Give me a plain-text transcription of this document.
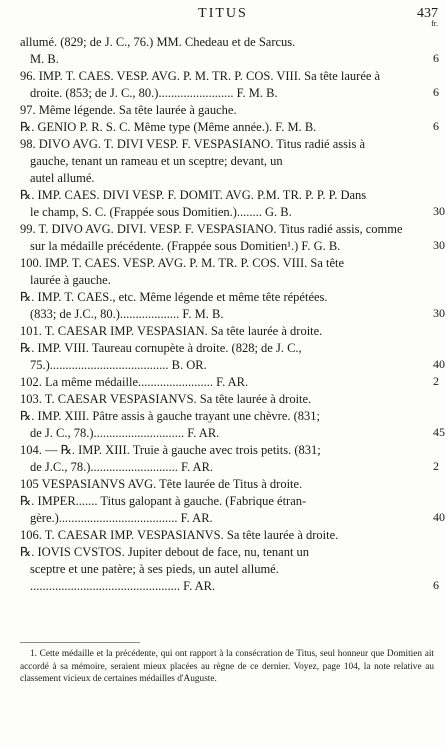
TITUS	437
fr.
allumé. (829; de J. C., 76.) MM. Chedeau et de Sarcus.
M. B.	6
96. IMP. T. CAES. VESP. AVG. P. M. TR. P. COS. VIII. Sa tête laurée à
droite. (853; de J. C., 80.)........................ F. M. B.	6
97. Même légende. Sa tête laurée à gauche.
℞. GENIO P. R. S. C. Même type (Même année.). F. M. B.	6
98. DIVO AVG. T. DIVI VESP. F. VESPASIANO. Titus radié assis à
gauche, tenant un rameau et un sceptre; devant, un
autel allumé.
℞. IMP. CAES. DIVI VESP. F. DOMIT. AVG. P.M. TR. P. P. P. Dans
le champ, S. C. (Frappée sous Domitien.)........ G. B.	30
99. T. DIVO AVG. DIVI. VESP. F. VESPASIANO. Titus radié assis, comme
sur la médaille précédente. (Frappée sous Domitien¹.) F. G. B.	30
100. IMP. T. CAES. VESP. AVG. P. M. TR. P. COS. VIII. Sa tête
laurée à gauche.
℞. IMP. T. CAES., etc. Même légende et même tête répétées.
(833; de J.C., 80.)................... F. M. B.	30
101. T. CAESAR IMP. VESPASIAN. Sa tête laurée à droite.
℞. IMP. VIII. Taureau cornupète à droite. (828; de J. C.,
75.)...................................... B. OR.	40
102. La même médaille........................ F. AR.	2
103. T. CAESAR VESPASIANVS. Sa tête laurée à droite.
℞. IMP. XIII. Pâtre assis à gauche trayant une chèvre. (831;
de J. C., 78.)............................. F. AR.	45
104. — ℞. IMP. XIII. Truie à gauche avec trois petits. (831;
de J.C., 78.)............................ F. AR.	2
105 VESPASIANVS AVG. Tête laurée de Titus à droite.
℞. IMPER....... Titus galopant à gauche. (Fabrique étran-
gère.)...................................... F. AR.	40
106. T. CAESAR IMP. VESPASIANVS. Sa tête laurée à droite.
℞. IOVIS CVSTOS. Jupiter debout de face, nu, tenant un
sceptre et une patère; à ses pieds, un autel allumé.
................................................ F. AR.	6
1. Cette médaille et la précédente, qui ont rapport à la consécration de Titus, seul honneur que Domitien ait accordé à sa mémoire, seraient mieux placées au règne de ce dernier. Voyez, page 104, la note relative au classement vicieux de certaines médailles d'Auguste.
